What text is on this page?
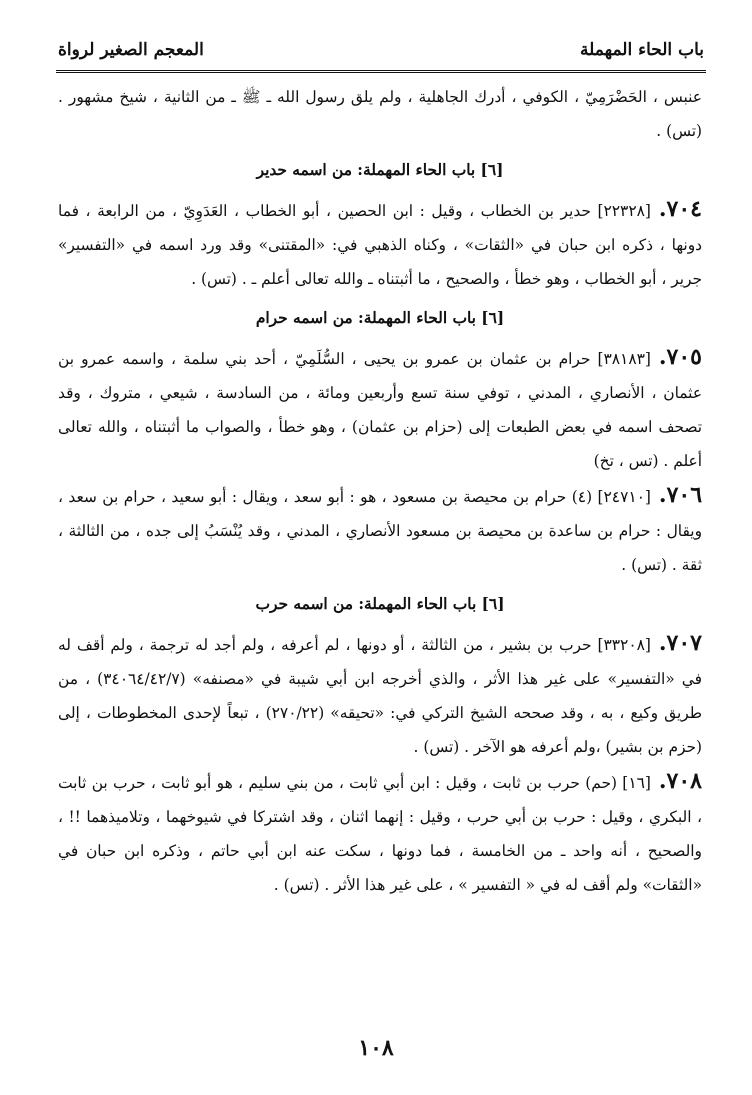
باب الحاء المهملة
المعجم الصغير لرواة

عنبس ، الحَضْرَمِيّ ، الكوفي ، أدرك الجاهلية ، ولم يلق رسول الله ـ ﷺ ـ من الثانية ، شيخ مشهور . (تس) .

[٦] باب الحاء المهملة: من اسمه حدير

٧٠٤.[٢٢٣٢٨] حدير بن الخطاب ، وقيل : ابن الحصين ، أبو الخطاب ، العَدَوِيّ ، من الرابعة ، فما دونها ، ذكره ابن حبان في «الثقات» ، وكناه الذهبي في: «المقتنى» وقد ورد اسمه في «التفسير» جرير ، أبو الخطاب ، وهو خطأ ، والصحيح ، ما أثبتناه ـ والله تعالى أعلم ـ . (تس) .

[٦] باب الحاء المهملة: من اسمه حرام

٧٠٥.[٣٨١٨٣] حرام بن عثمان بن عمرو بن يحيى ، السُّلَمِيّ ، أحد بني سلمة ، واسمه عمرو بن عثمان ، الأنصاري ، المدني ، توفي سنة تسع وأربعين ومائة ، من السادسة ، شيعي ، متروك ، وقد تصحف اسمه في بعض الطبعات إلى (حزام بن عثمان) ، وهو خطأ ، والصواب ما أثبتناه ، والله تعالى أعلم . (تس ، تخ)

٧٠٦.[٢٤٧١٠] (٤) حرام بن محيصة بن مسعود ، هو : أبو سعد ، ويقال : أبو سعيد ، حرام بن سعد ، ويقال : حرام بن ساعدة بن محيصة بن مسعود الأنصاري ، المدني ، وقد يُنْسَبُ إلى جده ، من الثالثة ، ثقة . (تس) .

[٦] باب الحاء المهملة: من اسمه حرب

٧٠٧.[٣٣٢٠٨] حرب بن بشير ، من الثالثة ، أو دونها ، لم أعرفه ، ولم أجد له ترجمة ، ولم أقف له في «التفسير» على غير هذا الأثر ، والذي أخرجه ابن أبي شيبة في «مصنفه» (٣٤٠٦٤/٤٢/٧) ، من طريق وكيع ، به ، وقد صححه الشيخ التركي في: «تحيقه» (٢٧٠/٢٢) ، تبعاً لإحدى المخطوطات ، إلى (حزم بن بشير) ،ولم أعرفه هو الآخر . (تس) .

٧٠٨.[١٦] (حم) حرب بن ثابت ، وقيل : ابن أبي ثابت ، من بني سليم ، هو أبو ثابت ، حرب بن ثابت ، البكري ، وقيل : حرب بن أبي حرب ، وقيل : إنهما اثنان ، وقد اشتركا في شيوخهما ، وتلاميذهما !! ، والصحيح ، أنه واحد ـ من الخامسة ، فما دونها ، سكت عنه ابن أبي حاتم ، وذكره ابن حبان في «الثقات» ولم أقف له في « التفسير » ، على غير هذا الأثر . (تس) .

١٠٨
